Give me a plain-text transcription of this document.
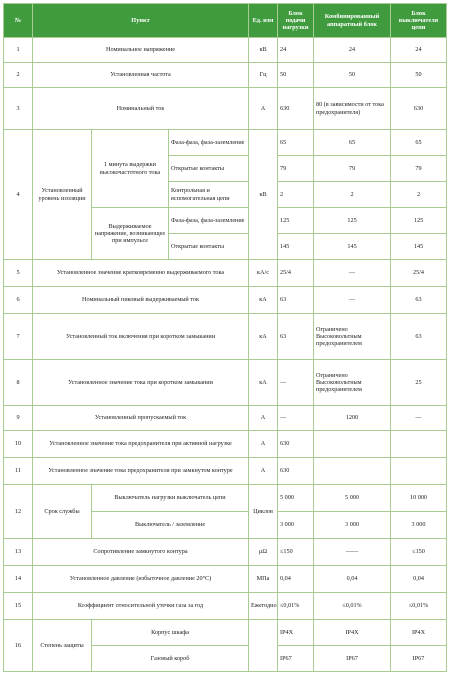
№	Пункт			Ед. изм	Блок подачи нагрузки	Комбинированный аппаратный блок	Блок выключателя цепи
1	Номинальное напряжение			кВ	24	24	24
2	Установленная частота			Гц	50	50	50
3	Номинальный ток			А	630	80 (в зависимости от тока предохранителя)	630
4	Установленный уровень изоляции	1 минута выдержки высокочастотного тока	Фаза-фаза, фаза-заземление	кВ	65	65	65
			Открытые контакты		79	79	79
			Контрольная и вспомогательная цепи		2	2	2
		Выдерживаемое напряжение, возникающее при импульсе	Фаза-фаза, фаза-заземление		125	125	125
			Открытые контакты		145	145	145
5	Установленное значение кратковременно выдерживаемого тока			кА/с	25/4	—	25/4
6	Номинальный пиковый выдерживаемый ток			кА	63	—	63
7	Установленный ток включения при коротком замыкании			кА	63	Ограничено Высоковольтным предохранителем	63
8	Установленное значение тока при коротком замыкании			кА	—	Ограничено Высоковольтным предохранителем	25
9	Установленный пропускаемый ток			А	—	1200	—
10	Установленное значение тока предохранителя при активной нагрузке			А	630		
11	Установленное значение тока предохранителя при замкнутом контуре			А	630		
12	Срок службы	Выключатель нагрузки выключатель цепи		Циклов	5 000	5 000	10 000
		Выключатель / заземление			3 000	3 000	3 000
13	Сопротивление замкнутого контура			μΩ	≤150	——	≤150
14	Установленное давление (избыточное давление 20°С)			МПа	0,04	0,04	0,04
15	Коэффициент относительной утечки газа за год			Ежегодно	≤0,01%	≤0,01%	≤0,01%
16	Степень защиты	Корпус шкафа			IP4X	IP4X	IP4X
		Газовый короб			IP67	IP67	IP67
